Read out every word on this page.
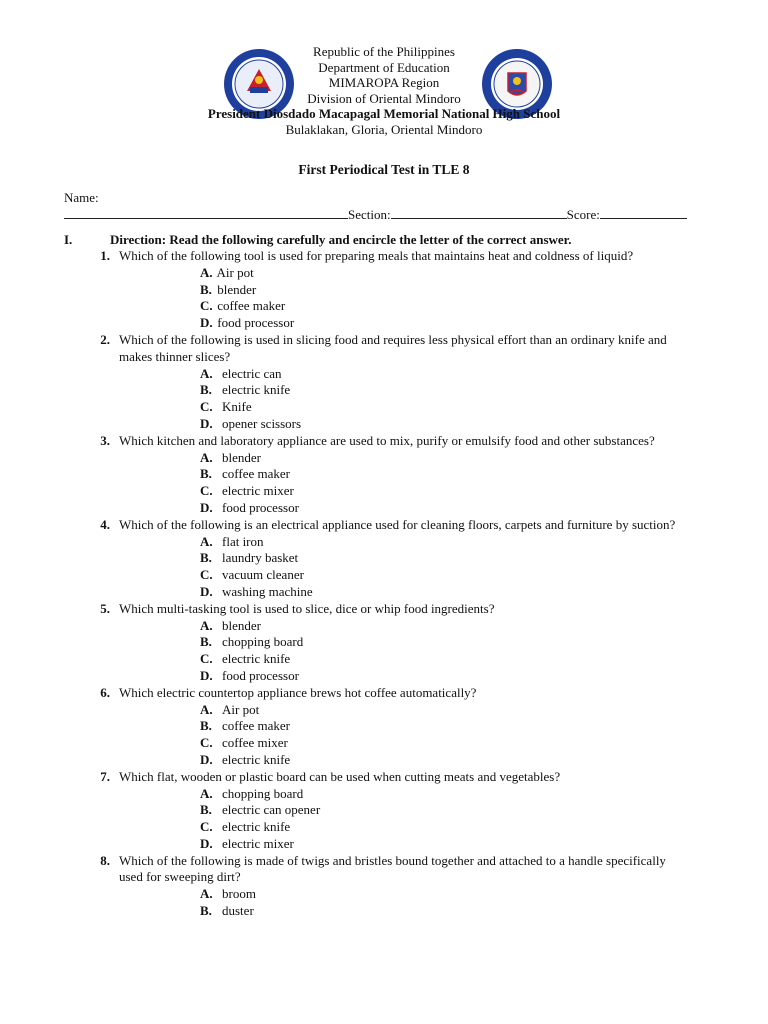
Republic of the Philippines
Department of Education
MIMAROPA Region
Division of Oriental Mindoro
President Diosdado Macapagal Memorial National High School
Bulaklakan, Gloria, Oriental Mindoro
First Periodical Test in TLE 8
Name:
Section:	Score:
I.	Direction: Read the following carefully and encircle the letter of the correct answer.
1. Which of the following tool is used for preparing meals that maintains heat and coldness of liquid?
A. Air pot
B. blender
C. coffee maker
D. food processor
2. Which of the following is used in slicing food and requires less physical effort than an ordinary knife and makes thinner slices?
A. electric can
B. electric knife
C. Knife
D. opener scissors
3. Which kitchen and laboratory appliance are used to mix, purify or emulsify food and other substances?
A. blender
B. coffee maker
C. electric mixer
D. food processor
4. Which of the following is an electrical appliance used for cleaning floors, carpets and furniture by suction?
A. flat iron
B. laundry basket
C. vacuum cleaner
D. washing machine
5. Which multi-tasking tool is used to slice, dice or whip food ingredients?
A. blender
B. chopping board
C. electric knife
D. food processor
6. Which electric countertop appliance brews hot coffee automatically?
A. Air pot
B. coffee maker
C. coffee mixer
D. electric knife
7. Which flat, wooden or plastic board can be used when cutting meats and vegetables?
A. chopping board
B. electric can opener
C. electric knife
D. electric mixer
8. Which of the following is made of twigs and bristles bound together and attached to a handle specifically used for sweeping dirt?
A. broom
B. duster
